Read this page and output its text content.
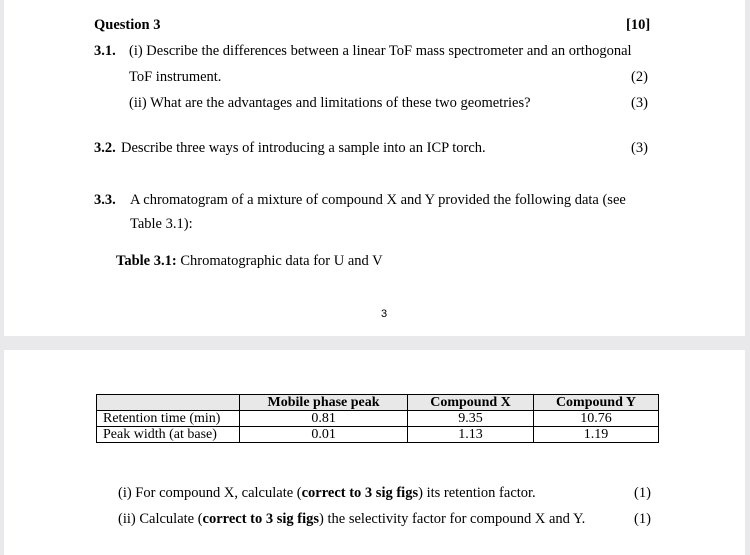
Question 3	[10]
3.1. (i) Describe the differences between a linear ToF mass spectrometer and an orthogonal
ToF instrument.	(2)
(ii) What are the advantages and limitations of these two geometries?	(3)
3.2. Describe three ways of introducing a sample into an ICP torch.	(3)
3.3. A chromatogram of a mixture of compound X and Y provided the following data (see
Table 3.1):
Table 3.1: Chromatographic data for U and V
3
	Mobile phase peak	Compound X	Compound Y
Retention time (min)	0.81	9.35	10.76
Peak width (at base)	0.01	1.13	1.19
(i) For compound X, calculate (correct to 3 sig figs) its retention factor.	(1)
(ii) Calculate (correct to 3 sig figs) the selectivity factor for compound X and Y.	(1)
